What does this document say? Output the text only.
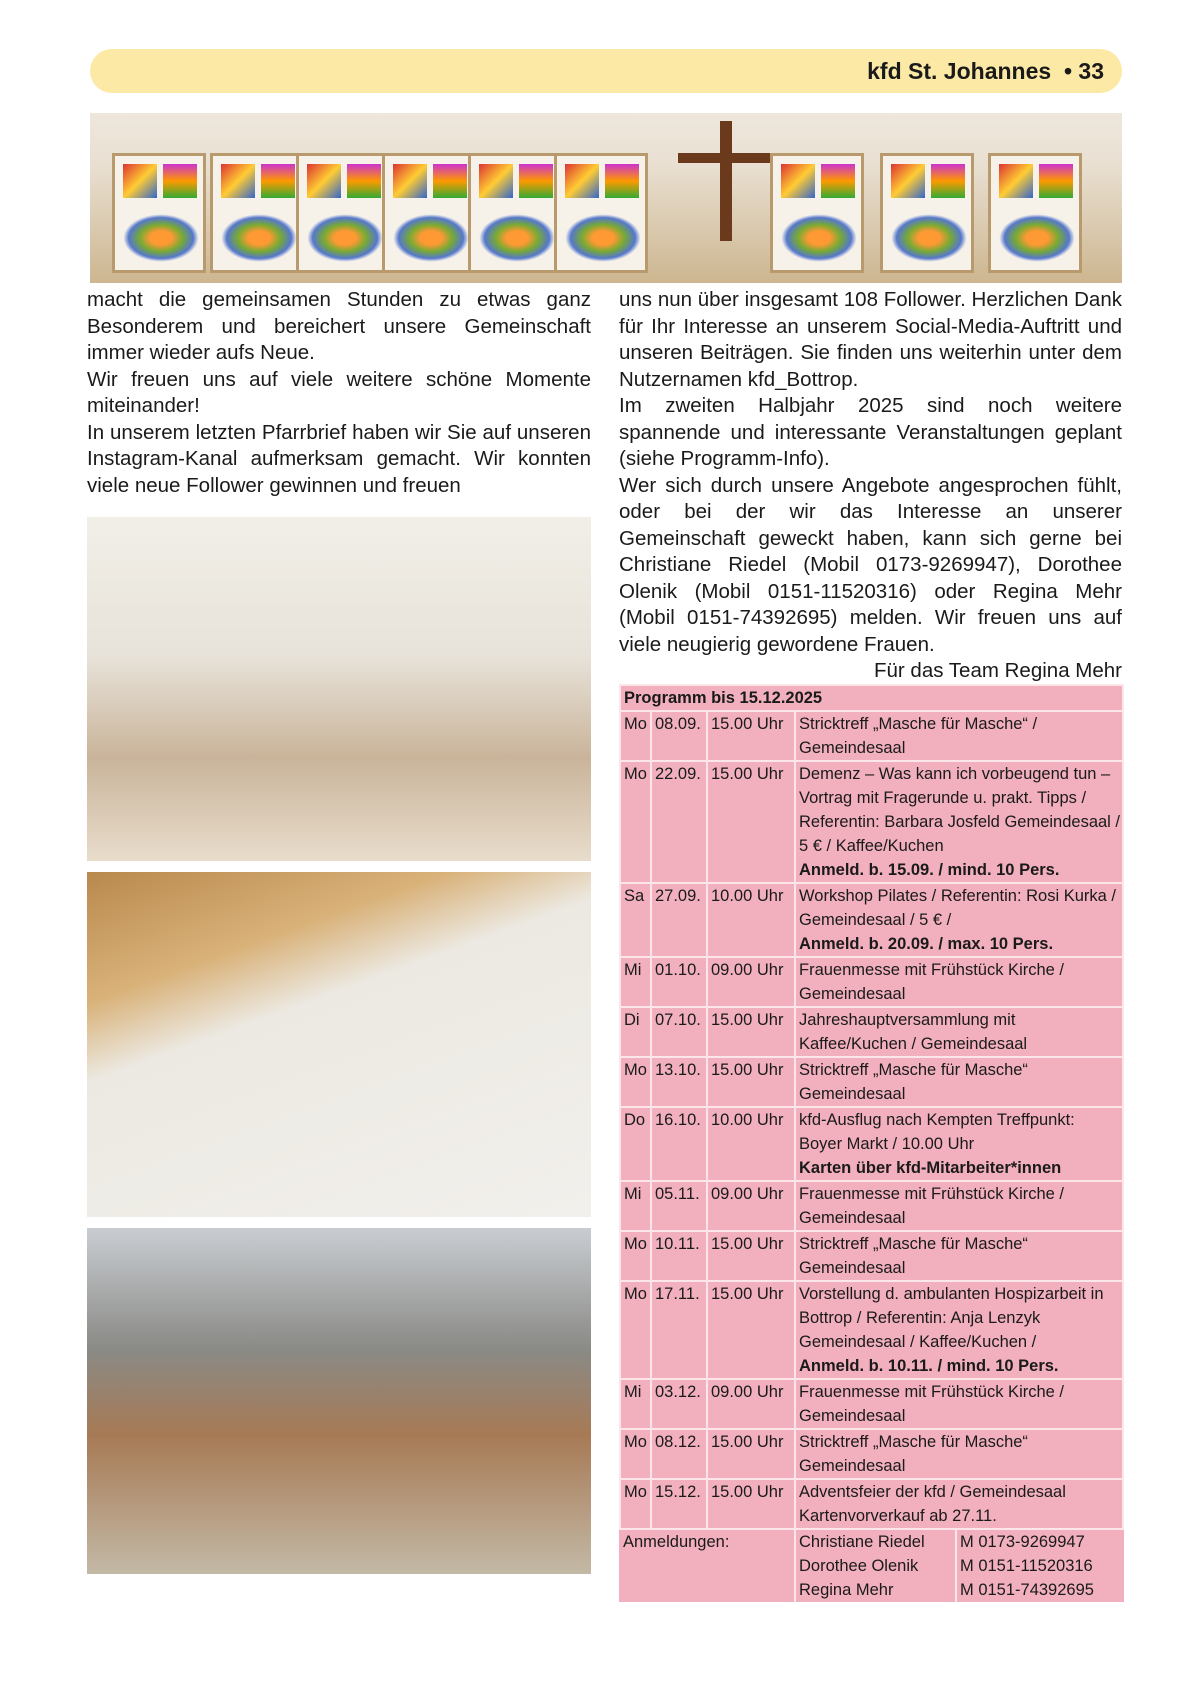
kfd St. Johannes • 33

macht die gemeinsamen Stunden zu etwas ganz Besonderem und bereichert unsere Gemeinschaft immer wieder aufs Neue.

Wir freuen uns auf viele weitere schöne Momente miteinander!

In unserem letzten Pfarrbrief haben wir Sie auf unseren Instagram-Kanal aufmerksam gemacht. Wir konnten viele neue Follower gewinnen und freuen

uns nun über insgesamt 108 Follower. Herzlichen Dank für Ihr Interesse an unserem Social-Media-Auftritt und unseren Beiträgen. Sie finden uns weiterhin unter dem Nutzernamen kfd_Bottrop.

Im zweiten Halbjahr 2025 sind noch weitere spannende und interessante Veranstaltungen geplant (siehe Programm-Info).

Wer sich durch unsere Angebote angesprochen fühlt, oder bei der wir das Interesse an unserer Gemeinschaft geweckt haben, kann sich gerne bei Christiane Riedel (Mobil 0173-9269947), Dorothee Olenik (Mobil 0151-11520316) oder Regina Mehr (Mobil 0151-74392695) melden. Wir freuen uns auf viele neugierig gewordene Frauen.

Für das Team Regina Mehr

Programm bis 15.12.2025				
Mo	08.09.	15.00 Uhr	Stricktreff „Masche für Masche“ / Gemeindesaal	

Mo	22.09.	15.00 Uhr	Demenz – Was kann ich vorbeugend tun – Vortrag mit Fragerunde u. prakt. Tipps / Referentin: Barbara Josfeld Gemeindesaal / 5 € / Kaffee/Kuchen
Anmeld. b. 15.09. / mind. 10 Pers.	

Sa	27.09.	10.00 Uhr	Workshop Pilates / Referentin: Rosi Kurka / Gemeindesaal / 5 € /
Anmeld. b. 20.09. / max. 10 Pers.	

Mi	01.10.	09.00 Uhr	Frauenmesse mit Frühstück Kirche / Gemeindesaal	

Di	07.10.	15.00 Uhr	Jahreshauptversammlung mit Kaffee/Kuchen / Gemeindesaal	

Mo	13.10.	15.00 Uhr	Stricktreff „Masche für Masche“ Gemeindesaal	

Do	16.10.	10.00 Uhr	kfd-Ausflug nach Kempten Treffpunkt: Boyer Markt / 10.00 Uhr
Karten über kfd-Mitarbeiter*innen	

Mi	05.11.	09.00 Uhr	Frauenmesse mit Frühstück Kirche / Gemeindesaal	

Mo	10.11.	15.00 Uhr	Stricktreff „Masche für Masche“ Gemeindesaal	

Mo	17.11.	15.00 Uhr	Vorstellung d. ambulanten Hospizarbeit in Bottrop / Referentin: Anja Lenzyk Gemeindesaal / Kaffee/Kuchen /
Anmeld. b. 10.11. / mind. 10 Pers.	

Mi	03.12.	09.00 Uhr	Frauenmesse mit Frühstück Kirche / Gemeindesaal	

Mo	08.12.	15.00 Uhr	Stricktreff „Masche für Masche“ Gemeindesaal	

Mo	15.12.	15.00 Uhr	Adventsfeier der kfd / Gemeindesaal Kartenvorverkauf ab 27.11.	

Anmeldungen:			Christiane Riedel	M 0173-9269947
			Dorothee Olenik	M 0151-11520316
			Regina Mehr	M 0151-74392695
